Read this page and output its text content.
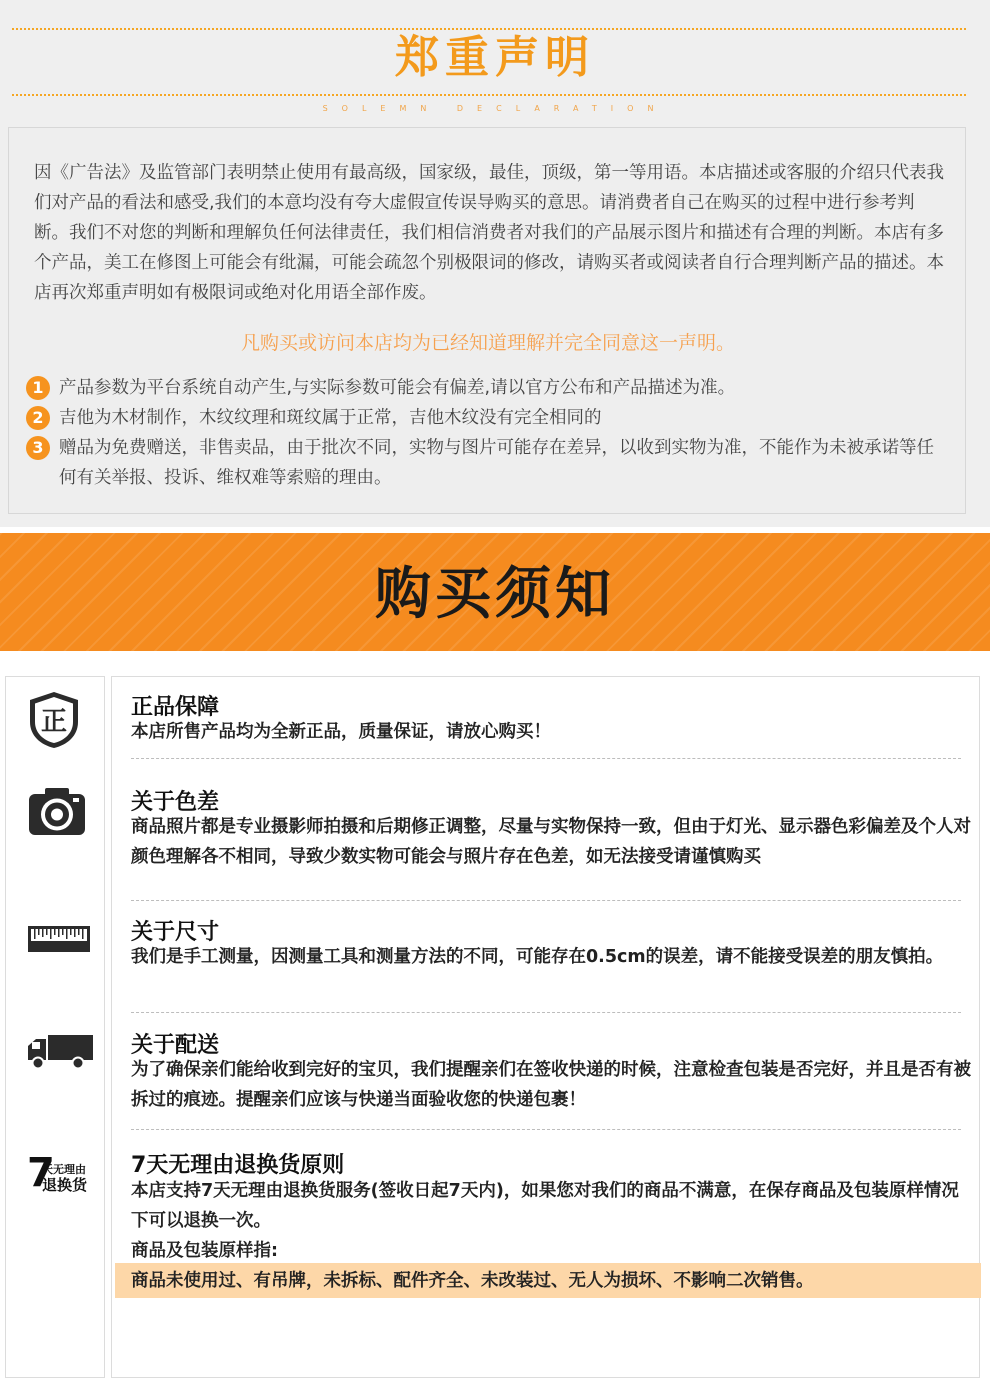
郑重声明
SOLEMN DECLARATION

因《广告法》及监管部门表明禁止使用有最高级，国家级，最佳，顶级，第一等用语。本店描述或客服的介绍只代表我们对产品的看法和感受,我们的本意均没有夸大虚假宣传误导购买的意思。请消费者自己在购买的过程中进行参考判断。我们不对您的判断和理解负任何法律责任，我们相信消费者对我们的产品展示图片和描述有合理的判断。本店有多个产品，美工在修图上可能会有纰漏，可能会疏忽个别极限词的修改，请购买者或阅读者自行合理判断产品的描述。本店再次郑重声明如有极限词或绝对化用语全部作废。

凡购买或访问本店均为已经知道理解并完全同意这一声明。

1 产品参数为平台系统自动产生,与实际参数可能会有偏差,请以官方公布和产品描述为准。
2 吉他为木材制作，木纹纹理和斑纹属于正常，吉他木纹没有完全相同的
3 赠品为免费赠送，非售卖品，由于批次不同，实物与图片可能存在差异，以收到实物为准，不能作为未被承诺等任何有关举报、投诉、维权难等索赔的理由。
购买须知
正	正品保障
本店所售产品均为全新正品，质量保证，请放心购买！
关于色差
商品照片都是专业摄影师拍摄和后期修正调整，尽量与实物保持一致，但由于灯光、显示器色彩偏差及个人对颜色理解各不相同，导致少数实物可能会与照片存在色差，如无法接受请谨慎购买
关于尺寸
我们是手工测量，因测量工具和测量方法的不同，可能存在0.5cm的误差，请不能接受误差的朋友慎拍。
关于配送
为了确保亲们能给收到完好的宝贝，我们提醒亲们在签收快递的时候，注意检查包装是否完好，并且是否有被拆过的痕迹。提醒亲们应该与快递当面验收您的快递包裹！
7
天无理由
退换货
7天无理由退换货原则
本店支持7天无理由退换货服务(签收日起7天内)，如果您对我们的商品不满意，在保存商品及包装原样情况下可以退换一次。
商品及包装原样指:
商品未使用过、有吊牌，未拆标、配件齐全、未改装过、无人为损坏、不影响二次销售。
